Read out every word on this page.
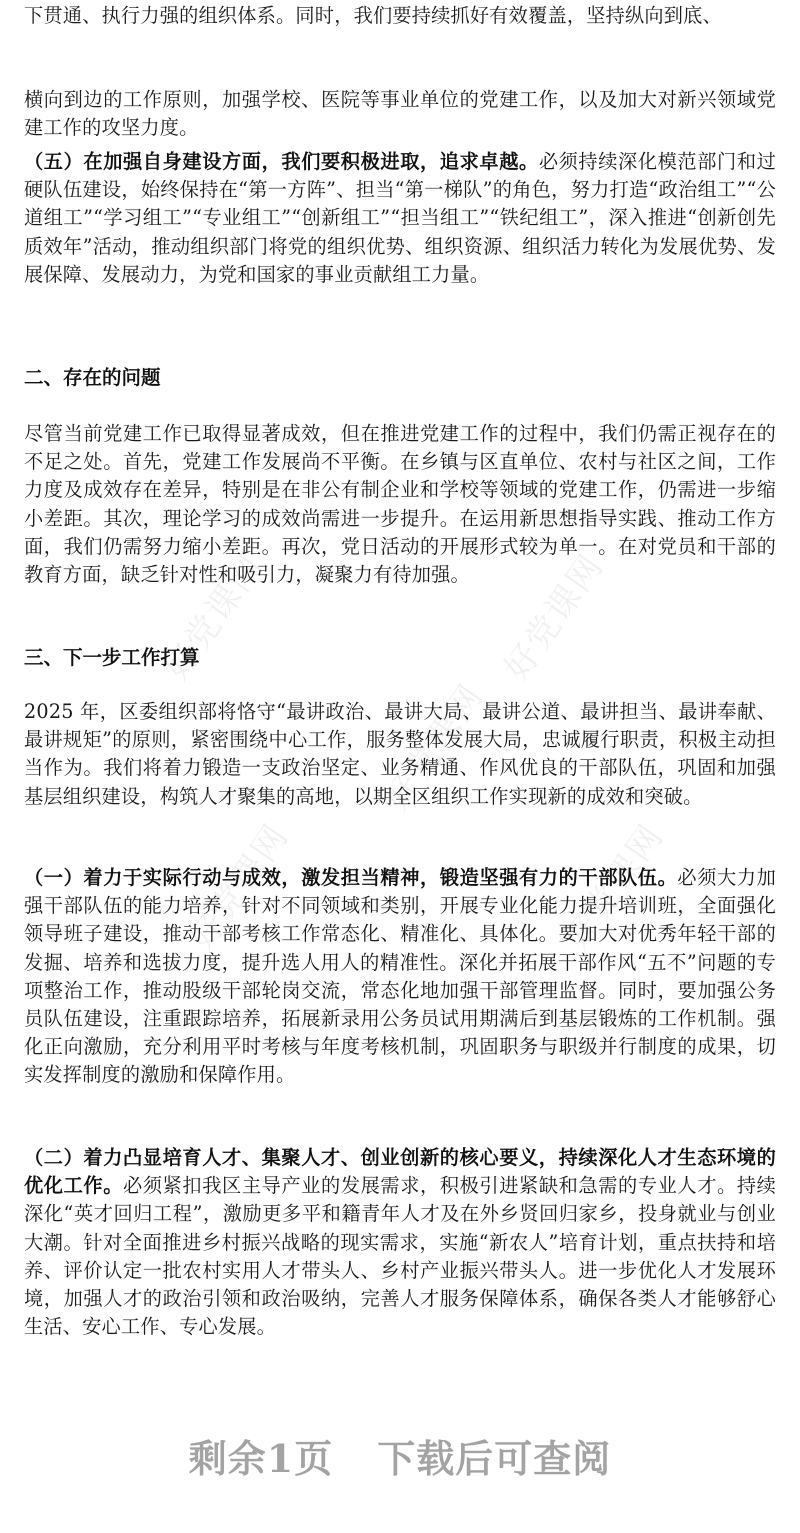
好党课网	好党课网
好党课网	好党课网
好党课网
下贯通、执行力强的组织体系。同时，我们要持续抓好有效覆盖，坚持纵向到底、
横向到边的工作原则，加强学校、医院等事业单位的党建工作，以及加大对新兴领域党建工作的攻坚力度。
（五）在加强自身建设方面，我们要积极进取，追求卓越。必须持续深化模范部门和过硬队伍建设，始终保持在“第一方阵”、担当“第一梯队”的角色，努力打造“政治组工”“公道组工”“学习组工”“专业组工”“创新组工”“担当组工”“铁纪组工”，深入推进“创新创先质效年”活动，推动组织部门将党的组织优势、组织资源、组织活力转化为发展优势、发展保障、发展动力，为党和国家的事业贡献组工力量。
二、存在的问题
尽管当前党建工作已取得显著成效，但在推进党建工作的过程中，我们仍需正视存在的不足之处。首先，党建工作发展尚不平衡。在乡镇与区直单位、农村与社区之间，工作力度及成效存在差异，特别是在非公有制企业和学校等领域的党建工作，仍需进一步缩小差距。其次，理论学习的成效尚需进一步提升。在运用新思想指导实践、推动工作方面，我们仍需努力缩小差距。再次，党日活动的开展形式较为单一。在对党员和干部的教育方面，缺乏针对性和吸引力，凝聚力有待加强。
三、下一步工作打算
2025 年，区委组织部将恪守“最讲政治、最讲大局、最讲公道、最讲担当、最讲奉献、最讲规矩”的原则，紧密围绕中心工作，服务整体发展大局，忠诚履行职责，积极主动担当作为。我们将着力锻造一支政治坚定、业务精通、作风优良的干部队伍，巩固和加强基层组织建设，构筑人才聚集的高地，以期全区组织工作实现新的成效和突破。
（一）着力于实际行动与成效，激发担当精神，锻造坚强有力的干部队伍。必须大力加强干部队伍的能力培养，针对不同领域和类别，开展专业化能力提升培训班，全面强化领导班子建设，推动干部考核工作常态化、精准化、具体化。要加大对优秀年轻干部的发掘、培养和选拔力度，提升选人用人的精准性。深化并拓展干部作风“五不”问题的专项整治工作，推动股级干部轮岗交流，常态化地加强干部管理监督。同时，要加强公务员队伍建设，注重跟踪培养，拓展新录用公务员试用期满后到基层锻炼的工作机制。强化正向激励，充分利用平时考核与年度考核机制，巩固职务与职级并行制度的成果，切实发挥制度的激励和保障作用。
（二）着力凸显培育人才、集聚人才、创业创新的核心要义，持续深化人才生态环境的优化工作。必须紧扣我区主导产业的发展需求，积极引进紧缺和急需的专业人才。持续深化“英才回归工程”，激励更多平和籍青年人才及在外乡贤回归家乡，投身就业与创业大潮。针对全面推进乡村振兴战略的现实需求，实施“新农人”培育计划，重点扶持和培养、评价认定一批农村实用人才带头人、乡村产业振兴带头人。进一步优化人才发展环境，加强人才的政治引领和政治吸纳，完善人才服务保障体系，确保各类人才能够舒心生活、安心工作、专心发展。
剩余1页 下载后可查阅
